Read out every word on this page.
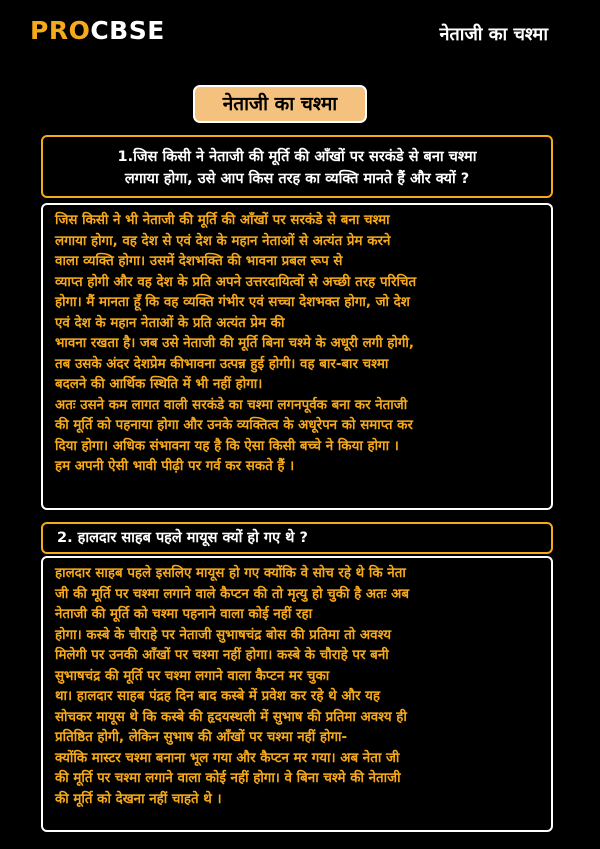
PROCBSE	नेताजी का चश्मा
नेताजी का चश्मा
1.जिस किसी ने नेताजी की मूर्ति की आँखों पर सरकंडे से बना चश्मा
लगाया होगा, उसे आप किस तरह का व्यक्ति मानते हैं और क्यों ?
जिस किसी ने भी नेताजी की मूर्ति की आँखों पर सरकंडे से बना चश्मा
लगाया होगा, वह देश से एवं देश के महान नेताओं से अत्यंत प्रेम करने
वाला व्यक्ति होगा। उसमें देशभक्ति की भावना प्रबल रूप से
व्याप्त होगी और वह देश के प्रति अपने उत्तरदायित्वों से अच्छी तरह परिचित
होगा। मैं मानता हूँ कि वह व्यक्ति गंभीर एवं सच्चा देशभक्त होगा, जो देश
एवं देश के महान नेताओं के प्रति अत्यंत प्रेम की
भावना रखता है। जब उसे नेताजी की मूर्ति बिना चश्मे के अधूरी लगी होगी,
तब उसके अंदर देशप्रेम कीभावना उत्पन्न हुई होगी। वह बार-बार चश्मा
बदलने की आर्थिक स्थिति में भी नहीं होगा।
अतः उसने कम लागत वाली सरकंडे का चश्मा लगनपूर्वक बना कर नेताजी
की मूर्ति को पहनाया होगा और उनके व्यक्तित्व के अधूरेपन को समाप्त कर
दिया होगा। अधिक संभावना यह है कि ऐसा किसी बच्चे ने किया होगा ।
हम अपनी ऐसी भावी पीढ़ी पर गर्व कर सकते हैं ।
2. हालदार साहब पहले मायूस क्यों हो गए थे ?
हालदार साहब पहले इसलिए मायूस हो गए क्योंकि वे सोच रहे थे कि नेता
जी की मूर्ति पर चश्मा लगाने वाले कैप्टन की तो मृत्यु हो चुकी है अतः अब
नेताजी की मूर्ति को चश्मा पहनाने वाला कोई नहीं रहा
होगा। कस्बे के चौराहे पर नेताजी सुभाषचंद्र बोस की प्रतिमा तो अवश्य
मिलेगी पर उनकी आँखों पर चश्मा नहीं होगा। कस्बे के चौराहे पर बनी
सुभाषचंद्र की मूर्ति पर चश्मा लगाने वाला कैप्टन मर चुका
था। हालदार साहब पंद्रह दिन बाद कस्बे में प्रवेश कर रहे थे और यह
सोचकर मायूस थे कि कस्बे की हृदयस्थली में सुभाष की प्रतिमा अवश्य ही
प्रतिष्ठित होगी, लेकिन सुभाष की आँखों पर चश्मा नहीं होगा-
क्योंकि मास्टर चश्मा बनाना भूल गया और कैप्टन मर गया। अब नेता जी
की मूर्ति पर चश्मा लगाने वाला कोई नहीं होगा। वे बिना चश्मे की नेताजी
की मूर्ति को देखना नहीं चाहते थे ।
